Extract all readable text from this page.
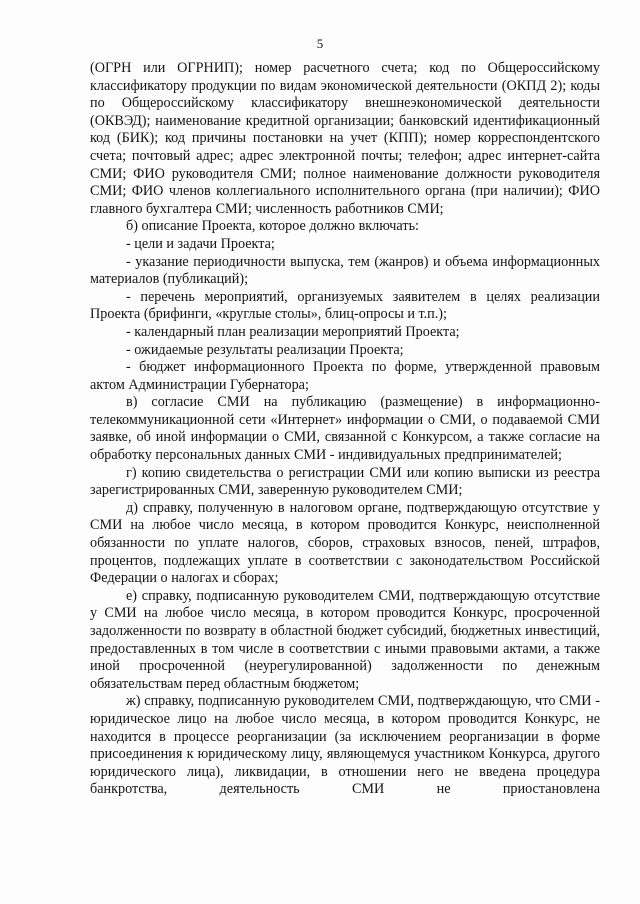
5

(ОГРН или ОГРНИП); номер расчетного счета; код по Общероссийскому классификатору продукции по видам экономической деятельности (ОКПД 2); коды по Общероссийскому классификатору внешнеэкономической деятельности (ОКВЭД); наименование кредитной организации; банковский идентификационный код (БИК); код причины постановки на учет (КПП); номер корреспондентского счета; почтовый адрес; адрес электронной почты; телефон; адрес интернет-сайта СМИ; ФИО руководителя СМИ; полное наименование должности руководителя СМИ; ФИО членов коллегиального исполнительного органа (при наличии); ФИО главного бухгалтера СМИ; численность работников СМИ;

б) описание Проекта, которое должно включать:

- цели и задачи Проекта;

- указание периодичности выпуска, тем (жанров) и объема информационных материалов (публикаций);

- перечень мероприятий, организуемых заявителем в целях реализации Проекта (брифинги, «круглые столы», блиц-опросы и т.п.);

- календарный план реализации мероприятий Проекта;

- ожидаемые результаты реализации Проекта;

- бюджет информационного Проекта по форме, утвержденной правовым актом Администрации Губернатора;

в) согласие СМИ на публикацию (размещение) в информационно-телекоммуникационной сети «Интернет» информации о СМИ, о подаваемой СМИ заявке, об иной информации о СМИ, связанной с Конкурсом, а также согласие на обработку персональных данных СМИ - индивидуальных предпринимателей;

г) копию свидетельства о регистрации СМИ или копию выписки из реестра зарегистрированных СМИ, заверенную руководителем СМИ;

д) справку, полученную в налоговом органе, подтверждающую отсутствие у СМИ на любое число месяца, в котором проводится Конкурс, неисполненной обязанности по уплате налогов, сборов, страховых взносов, пеней, штрафов, процентов, подлежащих уплате в соответствии с законодательством Российской Федерации о налогах и сборах;

е) справку, подписанную руководителем СМИ, подтверждающую отсутствие у СМИ на любое число месяца, в котором проводится Конкурс, просроченной задолженности по возврату в областной бюджет субсидий, бюджетных инвестиций, предоставленных в том числе в соответствии с иными правовыми актами, а также иной просроченной (неурегулированной) задолженности по денежным обязательствам перед областным бюджетом;

ж) справку, подписанную руководителем СМИ, подтверждающую, что СМИ - юридическое лицо на любое число месяца, в котором проводится Конкурс, не находится в процессе реорганизации (за исключением реорганизации в форме присоединения к юридическому лицу, являющемуся участником Конкурса, другого юридического лица), ликвидации, в отношении него не введена процедура банкротства, деятельность СМИ не приостановлена
